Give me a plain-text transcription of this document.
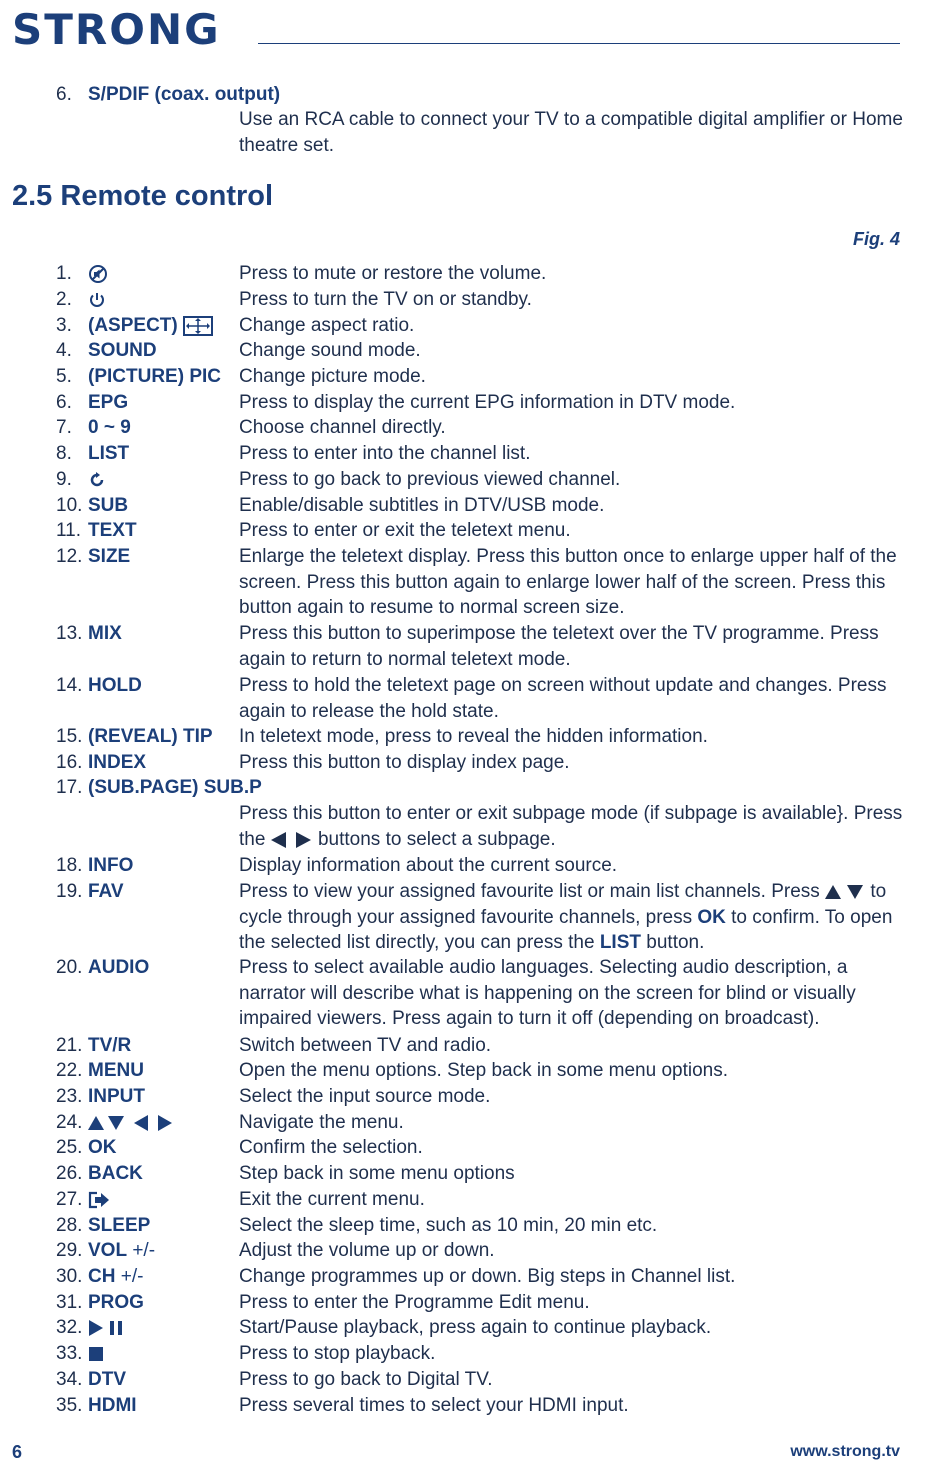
STRONG
6. S/PDIF (coax. output)
Use an RCA cable to connect your TV to a compatible digital amplifier or Home theatre set.
2.5 Remote control
Fig. 4
1.	Press to mute or restore the volume.
2.	Press to turn the TV on or standby.
3. (ASPECT)	Change aspect ratio.
4. SOUND	Change sound mode.
5. (PICTURE) PIC Change picture mode.
6. EPG	Press to display the current EPG information in DTV mode.
7. 0 ~ 9	Choose channel directly.
8. LIST	Press to enter into the channel list.
9.	Press to go back to previous viewed channel.
10. SUB	Enable/disable subtitles in DTV/USB mode.
11. TEXT	Press to enter or exit the teletext menu.
12. SIZE	Enlarge the teletext display. Press this button once to enlarge upper half of the screen. Press this button again to enlarge lower half of the screen. Press this button again to resume to normal screen size.
13. MIX	Press this button to superimpose the teletext over the TV programme. Press again to return to normal teletext mode.
14. HOLD	Press to hold the teletext page on screen without update and changes. Press again to release the hold state.
15. (REVEAL) TIP In teletext mode, press to reveal the hidden information.
16. INDEX	Press this button to display index page.
17. (SUB.PAGE) SUB.P
Press this button to enter or exit subpage mode (if subpage is available}. Press the
buttons to select a subpage.
18. INFO	Display information about the current source.
19. FAV	Press to view your assigned favourite list or main list channels. Press
to cycle through your assigned favourite channels, press OK to confirm. To open the selected list directly, you can press the LIST button.
20. AUDIO	Press to select available audio languages. Selecting audio description, a narrator will describe what is happening on the screen for blind or visually impaired viewers. Press again to turn it off (depending on broadcast).
21. TV/R	Switch between TV and radio.
22. MENU	Open the menu options. Step back in some menu options.
23. INPUT	Select the input source mode.
24.	Navigate the menu.
25. OK	Confirm the selection.
26. BACK	Step back in some menu options
27.	Exit the current menu.
28. SLEEP	Select the sleep time, such as 10 min, 20 min etc.
29. VOL +/-	Adjust the volume up or down.
30. CH +/-	Change programmes up or down. Big steps in Channel list.
31. PROG	Press to enter the Programme Edit menu.
32.	Start/Pause playback, press again to continue playback.
33.	Press to stop playback.
34. DTV	Press to go back to Digital TV.
35. HDMI	Press several times to select your HDMI input.
6	www.strong.tv
